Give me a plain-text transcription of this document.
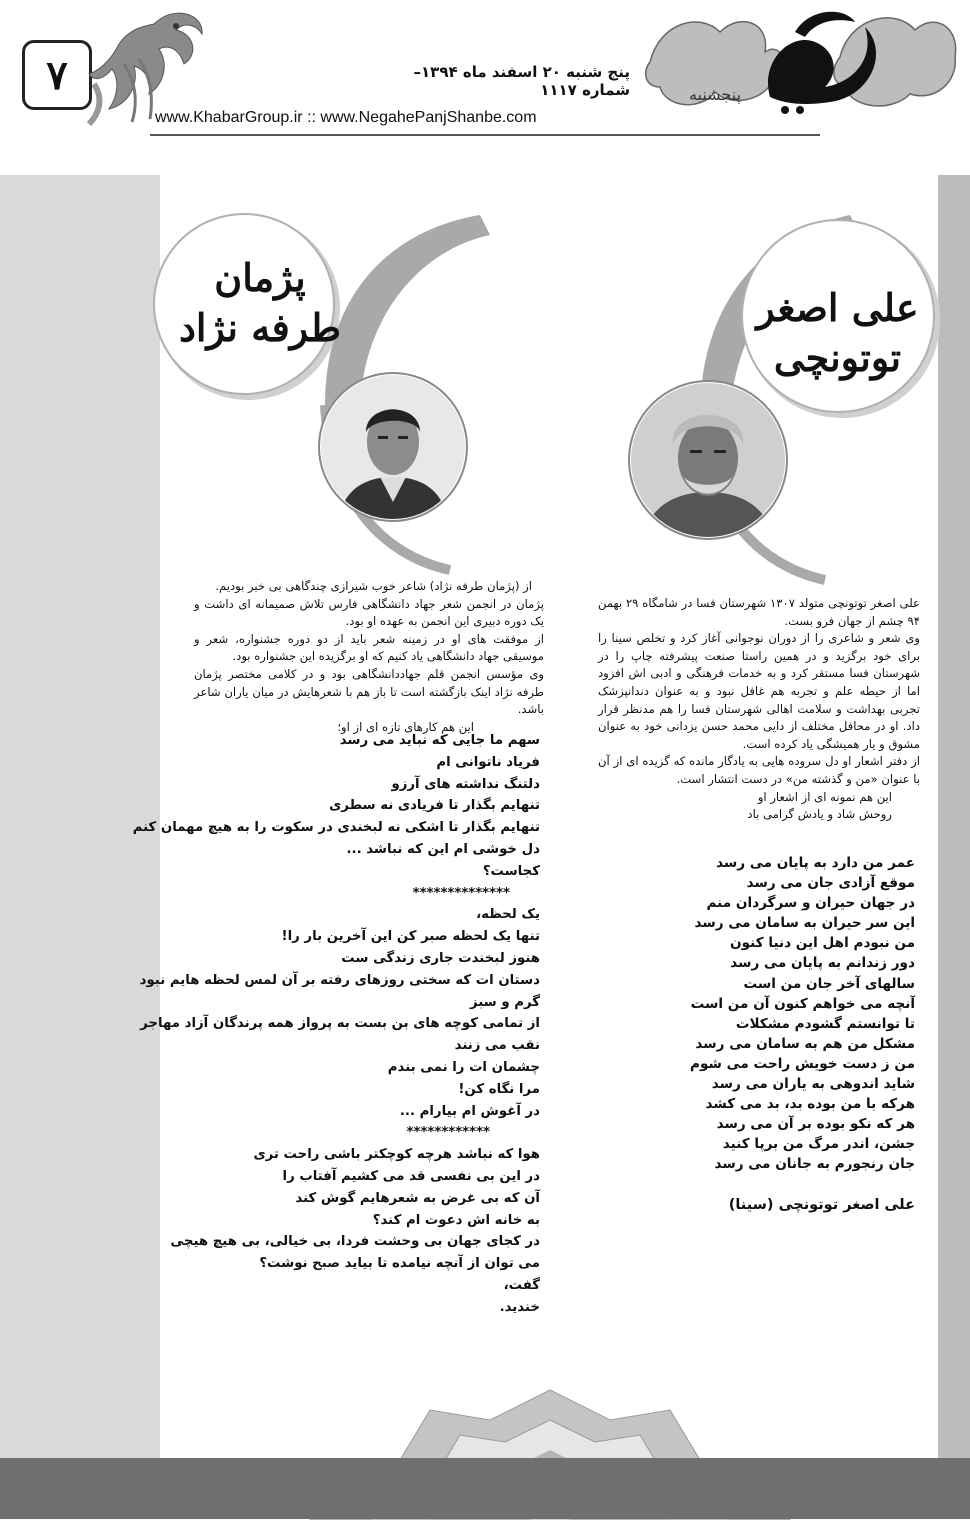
۷	پنج شنبه ۲۰ اسفند ماه ۱۳۹۴– شماره ۱۱۱۷
www.KhabarGroup.ir :: www.NegahePanjShanbe.com
پنجشنبه
پژمان
طرفه نژاد	علی اصغر
توتونچی

علی اصغر توتونچی متولد ۱۳۰۷ شهرستان فسا در شامگاه ۲۹ بهمن ۹۴ چشم از جهان فرو بست.

وی شعر و شاعری را از دوران نوجوانی آغاز کرد و تخلص سینا را برای خود برگزید و در همین راستا صنعت پیشرفته چاپ را در شهرستان فسا مستقر کرد و به خدمات فرهنگی و ادبی اش افزود اما از حیطه علم و تجربه هم غافل نبود و به عنوان دندانپزشک تجربی بهداشت و سلامت اهالی شهرستان فسا را هم مدنظر قرار داد. او در محافل مختلف از دایی محمد حسن یزدانی خود به عنوان مشوق و یار همیشگی یاد کرده است.

از دفتر اشعار او دل سروده هایی به یادگار مانده که گزیده ای از آن با عنوان «من و گذشته من» در دست انتشار است.

این هم نمونه ای از اشعار او

روحش شاد و یادش گرامی باد

عمر من دارد به پایان می رسد
موقع آزادی جان می رسد
در جهان حیران و سرگردان منم
این سر حیران به سامان می رسد
من نبودم اهل این دنیا کنون
دور زندانم به پایان می رسد
سالهای آخر جان من است
آنچه می خواهم کنون آن من است
تا توانستم گشودم مشکلات
مشکل من هم به سامان می رسد
من ز دست خویش راحت می شوم
شاید اندوهی به یاران می رسد
هرکه با من بوده بد، بد می کشد
هر که نکو بوده بر آن می رسد
جشن، اندر مرگ من برپا کنید
جان رنجورم به جانان می رسد
علی اصغر توتونچی (سینا)

از (پژمان طرفه نژاد) شاعر خوب شیرازی چندگاهی بی خبر بودیم.

پژمان در انجمن شعر جهاد دانشگاهی فارس تلاش صمیمانه ای داشت و یک دوره دبیری این انجمن به عهده او بود.

از موفقت های او در زمینه شعر باید از دو دوره جشنواره، شعر و موسیقی جهاد دانشگاهی یاد کنیم که او برگزیده این جشنواره بود.

وی مؤسس انجمن قلم جهاددانشگاهی بود و در کلامی مختصر پژمان طرفه نژاد اینک بازگشته است تا باز هم با شعرهایش در میان یاران شاعر باشد.

این هم کارهای تازه ای از او؛

سهم ما جایی که نباید می رسد
فریاد ناتوانی ام
دلتنگ نداشته های آرزو
تنهایم بگذار تا فریادی نه سطری
تنهایم بگذار تا اشکی نه لبخندی در سکوت را به هیچ مهمان کنم
دل خوشی ام این که نباشد ...
کجاست؟
**************
یک لحظه،
تنها یک لحظه صبر کن این آخرین بار را!
هنوز لبخندت جاری زندگی ست
دستان ات که سختی روزهای رفته بر آن لمس لحظه هایم نبود
گرم و سبز
از تمامی کوچه های بن بست به پرواز همه پرندگان آزاد مهاجر
نقب می زنند
چشمان ات را نمی بندم
مرا نگاه کن!
در آغوش ام بیارام ...
************
هوا که نباشد هرچه کوچکتر باشی راحت تری
در این بی نفسی قد می کشیم آفتاب را
آن که بی غرض به شعرهایم گوش کند
به خانه اش دعوت ام کند؟
در کجای جهان بی وحشت فردا، بی خیالی، بی هیچ هیچی
می توان از آنچه نیامده تا بیاید صبح نوشت؟
گفت،
خندید.
